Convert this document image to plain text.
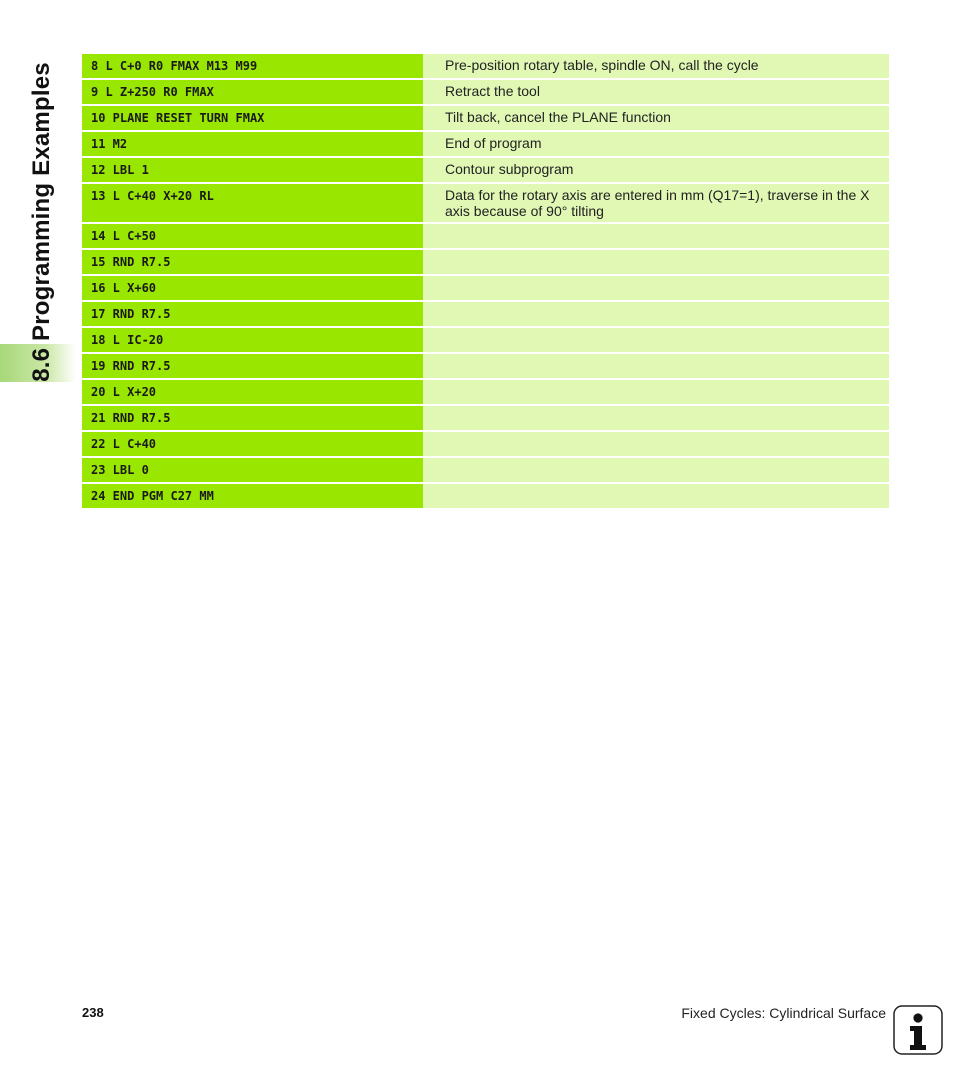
8.6 Programming Examples	8 L C+0 R0 FMAX M13 M99	Pre-position rotary table, spindle ON, call the cycle
9 L Z+250 R0 FMAX	Retract the tool
10 PLANE RESET TURN FMAX	Tilt back, cancel the PLANE function
11 M2	End of program
12 LBL 1	Contour subprogram
13 L C+40 X+20 RL	Data for the rotary axis are entered in mm (Q17=1), traverse in the X axis because of 90° tilting
14 L C+50
15 RND R7.5
16 L X+60
17 RND R7.5
18 L IC-20
19 RND R7.5
20 L X+20
21 RND R7.5
22 L C+40
23 LBL 0
24 END PGM C27 MM
238	Fixed Cycles: Cylindrical Surface
